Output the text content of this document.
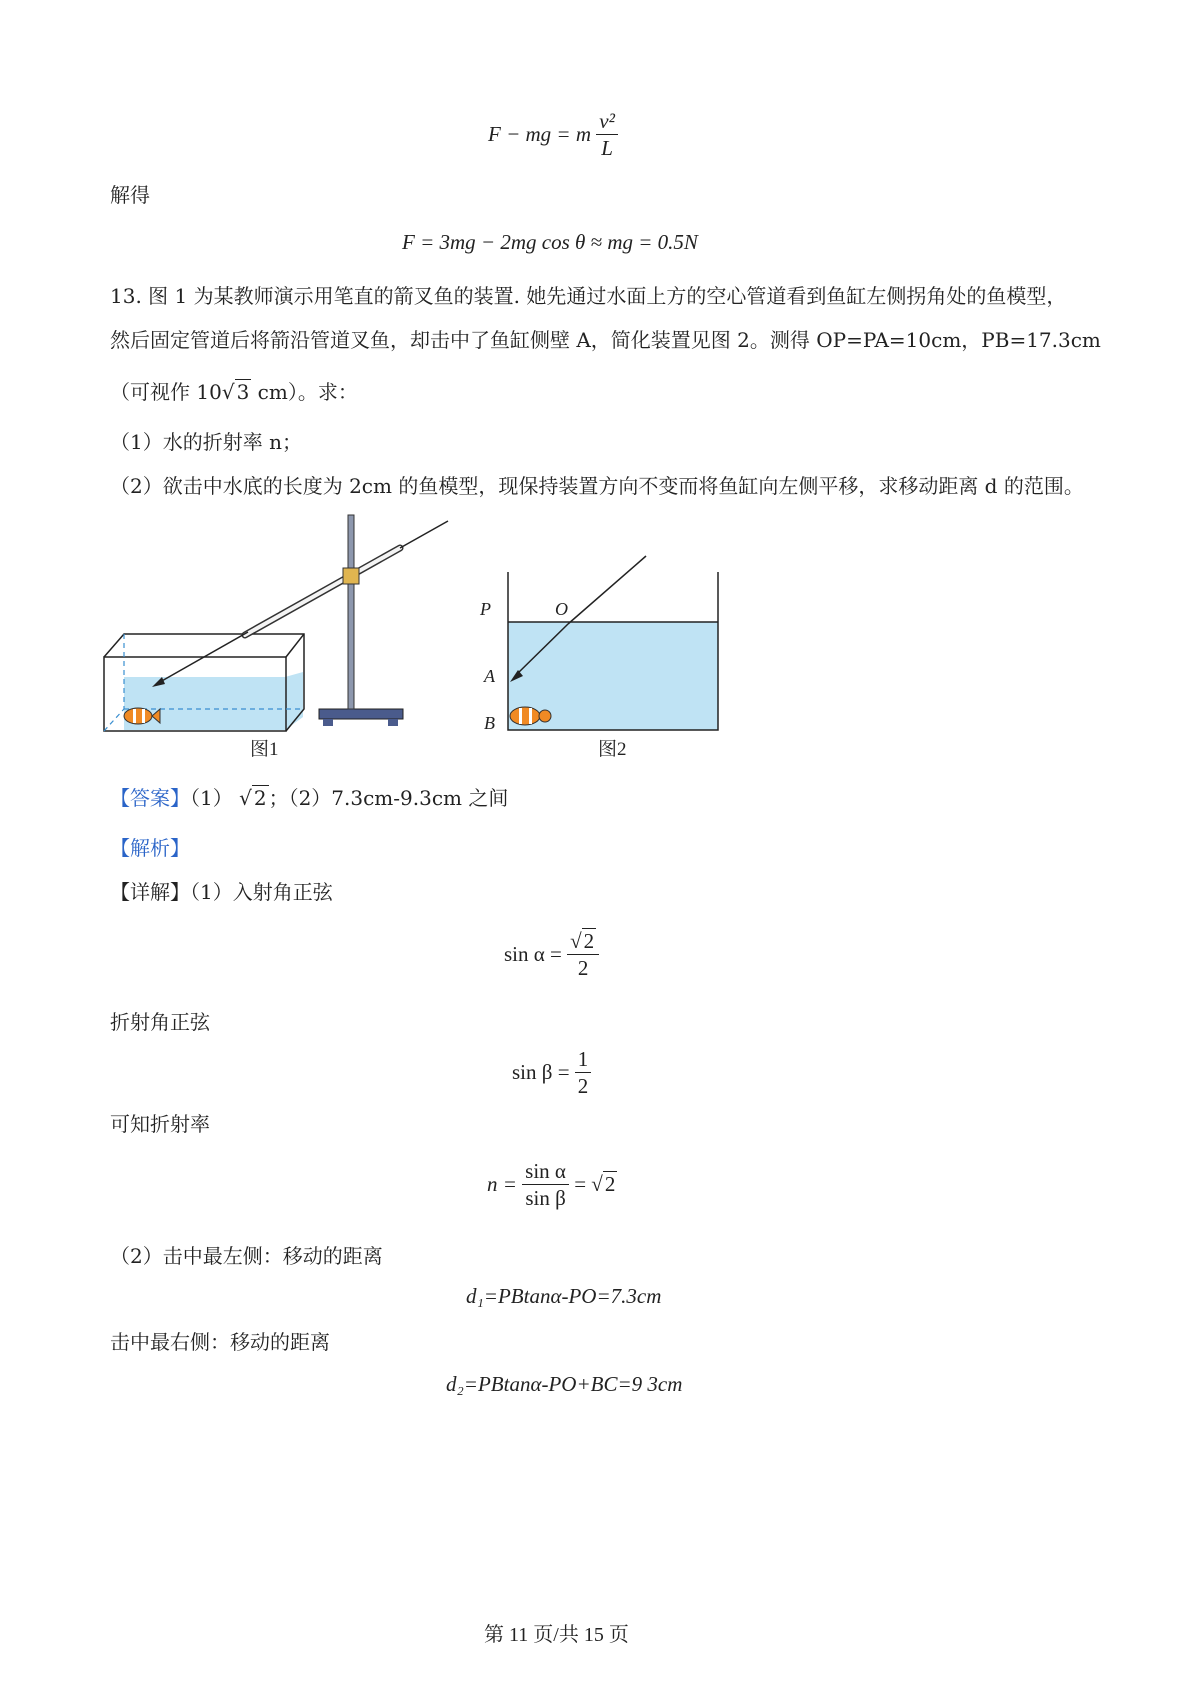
F − mg = m $\frac{\text{v²}}{L}$
解得
F = 3mg − 2mg cos θ ≈ mg = 0.5N
13. 图 1 为某教师演示用笔直的箭叉鱼的装置. 她先通过水面上方的空心管道看到鱼缸左侧拐角处的鱼模型，
然后固定管道后将箭沿管道叉鱼，却击中了鱼缸侧壁 A，简化装置见图 2。测得 OP=PA=10cm，PB=17.3cm
（可视作 10√ 3 cm）。求：
（1）水的折射率 n；
（2）欲击中水底的长度为 2cm 的鱼模型，现保持装置方向不变而将鱼缸向左侧平移，求移动距离 d 的范围。
图1
P	O
A
B
图2
【答案】（1） √ 2 ；（2）7.3cm-9.3cm 之间
【解析】
【详解】（1）入射角正弦
$\sin \alpha = \frac{√2}{2}$
折射角正弦
$\sin \beta = \frac{1}{2}$
可知折射率
$n = \frac{\text{sin α}}{\text{sin β}} = √2$
（2）击中最左侧：移动的距离
d₁=PBtanα-PO=7.3cm
击中最右侧：移动的距离
d₂=PBtanα-PO+BC=9 3cm
第 11 页/共 15 页
